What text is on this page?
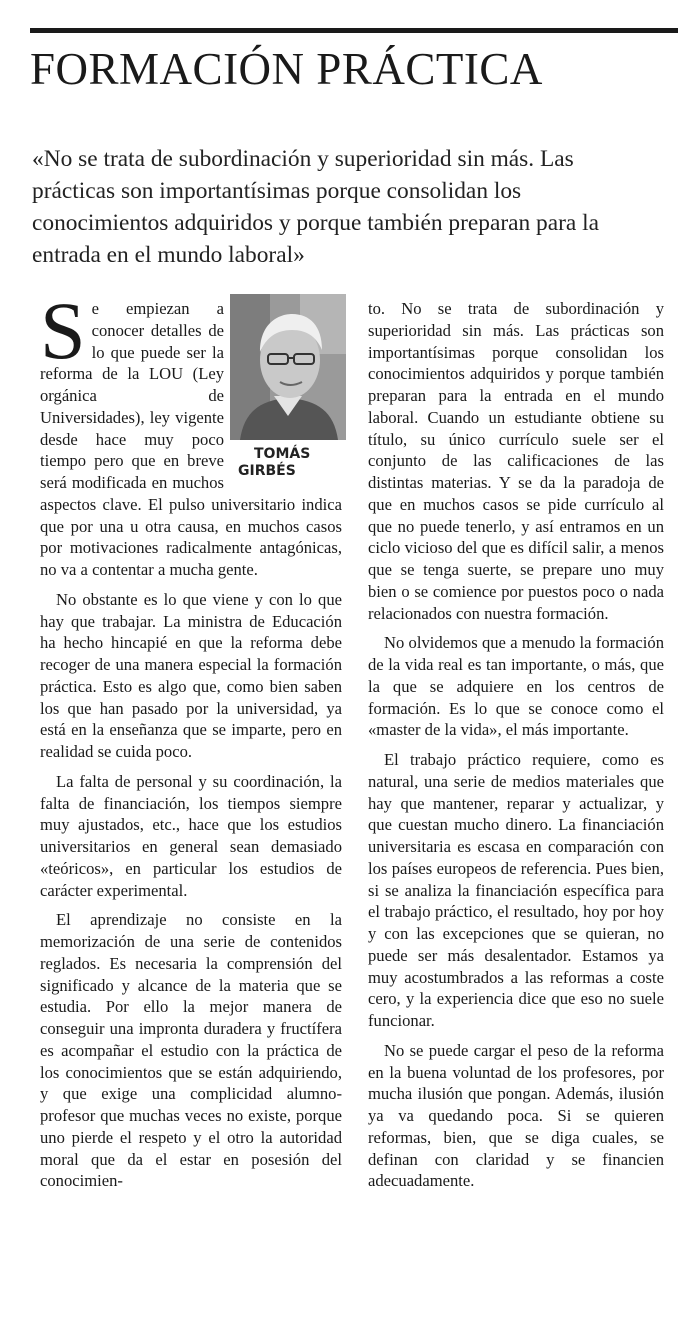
FORMACIÓN PRÁCTICA

«No se trata de subordinación y superioridad sin más. Las prácticas son importantísimas porque consolidan los conocimientos adquiridos y porque también preparan para la entrada en el mundo laboral»

TOMÁS
GIRBÉS

Se empiezan a conocer detalles de lo que puede ser la reforma de la LOU (Ley orgánica de Universidades), ley vigente desde hace muy poco tiempo pero que en breve será modificada en muchos aspectos clave. El pulso universitario indica que por una u otra causa, en muchos casos por motivaciones radicalmente antagónicas, no va a contentar a mucha gente.

No obstante es lo que viene y con lo que hay que trabajar. La ministra de Educación ha hecho hincapié en que la reforma debe recoger de una manera especial la formación práctica. Esto es algo que, como bien saben los que han pasado por la universidad, ya está en la enseñanza que se imparte, pero en realidad se cuida poco.

La falta de personal y su coordinación, la falta de financiación, los tiempos siempre muy ajustados, etc., hace que los estudios universitarios en general sean demasiado «teóricos», en particular los estudios de carácter experimental.

El aprendizaje no consiste en la memorización de una serie de contenidos reglados. Es necesaria la comprensión del significado y alcance de la materia que se estudia. Por ello la mejor manera de conseguir una impronta duradera y fructífera es acompañar el estudio con la práctica de los conocimientos que se están adquiriendo, y que exige una complicidad alumno-profesor que muchas veces no existe, porque uno pierde el respeto y el otro la autoridad moral que da el estar en posesión del conocimien-

to. No se trata de subordinación y superioridad sin más. Las prácticas son importantísimas porque consolidan los conocimientos adquiridos y porque también preparan para la entrada en el mundo laboral. Cuando un estudiante obtiene su título, su único currículo suele ser el conjunto de las calificaciones de las distintas materias. Y se da la paradoja de que en muchos casos se pide currículo al que no puede tenerlo, y así entramos en un ciclo vicioso del que es difícil salir, a menos que se tenga suerte, se prepare uno muy bien o se comience por puestos poco o nada relacionados con nuestra formación.

No olvidemos que a menudo la formación de la vida real es tan importante, o más, que la que se adquiere en los centros de formación. Es lo que se conoce como el «master de la vida», el más importante.

El trabajo práctico requiere, como es natural, una serie de medios materiales que hay que mantener, reparar y actualizar, y que cuestan mucho dinero. La financiación universitaria es escasa en comparación con los países europeos de referencia. Pues bien, si se analiza la financiación específica para el trabajo práctico, el resultado, hoy por hoy y con las excepciones que se quieran, no puede ser más desalentador. Estamos ya muy acostumbrados a las reformas a coste cero, y la experiencia dice que eso no suele funcionar.

No se puede cargar el peso de la reforma en la buena voluntad de los profesores, por mucha ilusión que pongan. Además, ilusión ya va quedando poca. Si se quieren reformas, bien, que se diga cuales, se definan con claridad y se financien adecuadamente.
